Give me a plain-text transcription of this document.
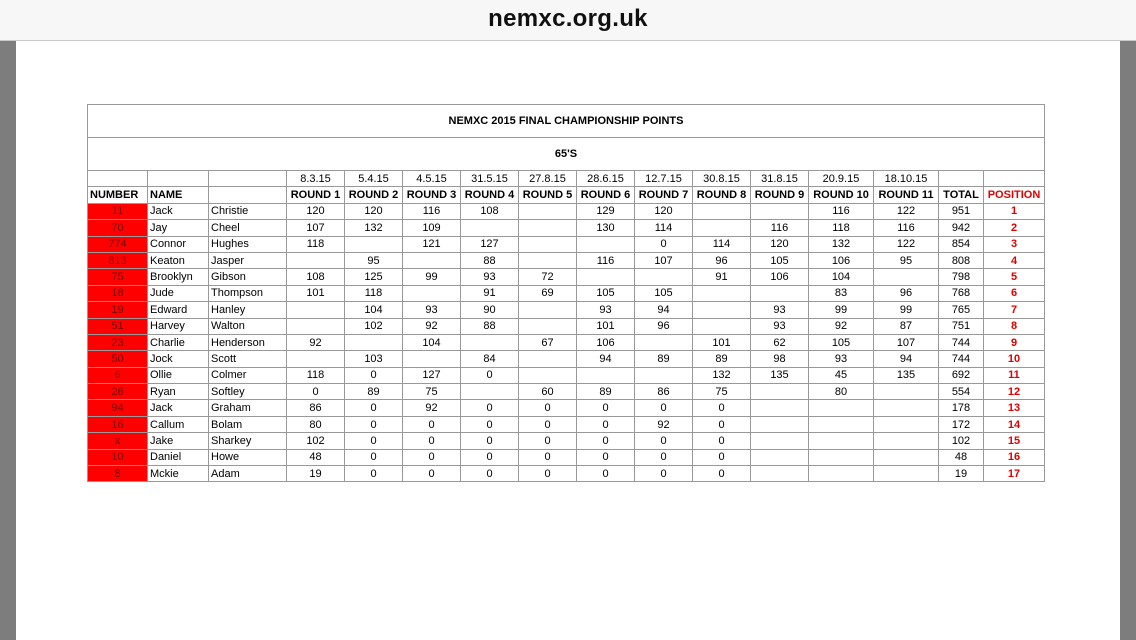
nemxc.org.uk
NEMXC 2015 FINAL CHAMPIONSHIP POINTS															
65'S															
			8.3.15	5.4.15	4.5.15	31.5.15	27.8.15	28.6.15	12.7.15	30.8.15	31.8.15	20.9.15	18.10.15		
NUMBER	NAME		ROUND 1	ROUND 2	ROUND 3	ROUND 4	ROUND 5	ROUND 6	ROUND 7	ROUND 8	ROUND 9	ROUND 10	ROUND 11	TOTAL	POSITION
11	Jack	Christie	120	120	116	108		129	120			116	122	951	1
70	Jay	Cheel	107	132	109			130	114		116	118	116	942	2
774	Connor	Hughes	118		121	127			0	114	120	132	122	854	3
813	Keaton	Jasper		95		88		116	107	96	105	106	95	808	4
75	Brooklyn	Gibson	108	125	99	93	72			91	106	104		798	5
18	Jude	Thompson	101	118		91	69	105	105			83	96	768	6
19	Edward	Hanley		104	93	90		93	94		93	99	99	765	7
51	Harvey	Walton		102	92	88		101	96		93	92	87	751	8
23	Charlie	Henderson	92		104		67	106		101	62	105	107	744	9
50	Jock	Scott		103		84		94	89	89	98	93	94	744	10
6	Ollie	Colmer	118	0	127	0				132	135	45	135	692	11
26	Ryan	Softley	0	89	75		60	89	86	75		80		554	12
94	Jack	Graham	86	0	92	0	0	0	0	0				178	13
16	Callum	Bolam	80	0	0	0	0	0	92	0				172	14
x	Jake	Sharkey	102	0	0	0	0	0	0	0				102	15
10	Daniel	Howe	48	0	0	0	0	0	0	0				48	16
8	Mckie	Adam	19	0	0	0	0	0	0	0				19	17
